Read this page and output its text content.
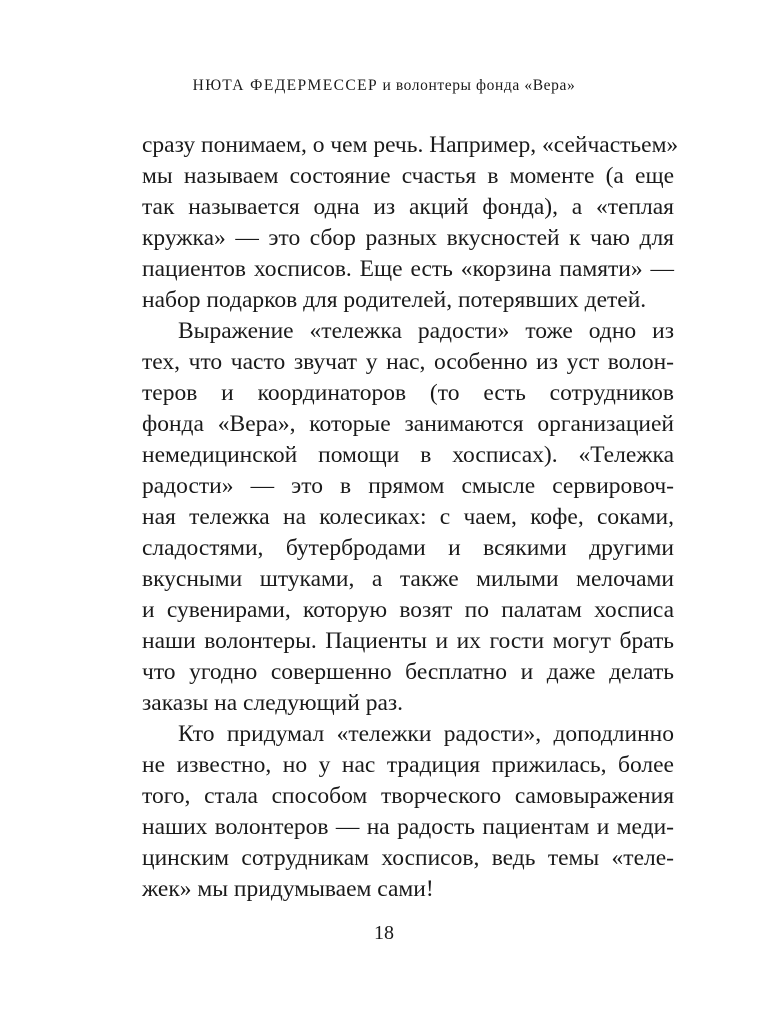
НЮТА ФЕДЕРМЕССЕР и волонтеры фонда «Вера»
сразу понимаем, о чем речь. Например, «сейчастьем»
мы называем состояние счастья в моменте (а еще
так называется одна из акций фонда), а «теплая
кружка» — это сбор разных вкусностей к чаю для
пациентов хосписов. Еще есть «корзина памяти» —
набор подарков для родителей, потерявших детей.
Выражение «тележка радости» тоже одно из
тех, что часто звучат у нас, особенно из уст волон-
теров и координаторов (то есть сотрудников
фонда «Вера», которые занимаются организацией
немедицинской помощи в хосписах). «Тележка
радости» — это в прямом смысле сервировоч-
ная тележка на колесиках: с чаем, кофе, соками,
сладостями, бутербродами и всякими другими
вкусными штуками, а также милыми мелочами
и сувенирами, которую возят по палатам хосписа
наши волонтеры. Пациенты и их гости могут брать
что угодно совершенно бесплатно и даже делать
заказы на следующий раз.
Кто придумал «тележки радости», доподлинно
не известно, но у нас традиция прижилась, более
того, стала способом творческого самовыражения
наших волонтеров — на радость пациентам и меди-
цинским сотрудникам хосписов, ведь темы «теле-
жек» мы придумываем сами!
18
